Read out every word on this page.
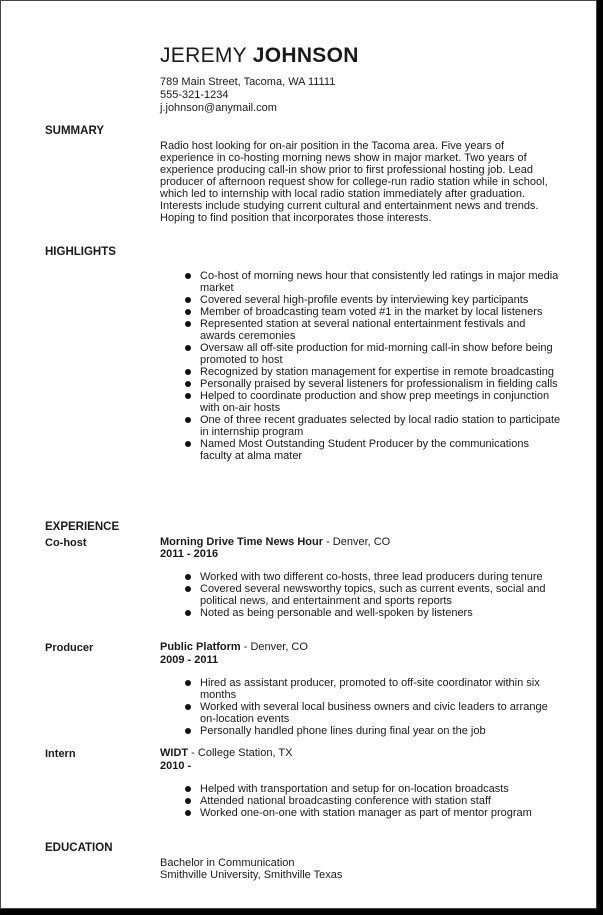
JEREMY JOHNSON
789 Main Street, Tacoma, WA 11111
555-321-1234
j.johnson@anymail.com
SUMMARY
Radio host looking for on-air position in the Tacoma area. Five years of experience in co-hosting morning news show in major market. Two years of experience producing call-in show prior to first professional hosting job. Lead producer of afternoon request show for college-run radio station while in school, which led to internship with local radio station immediately after graduation. Interests include studying current cultural and entertainment news and trends. Hoping to find position that incorporates those interests.
HIGHLIGHTS
Co-host of morning news hour that consistently led ratings in major media market
Covered several high-profile events by interviewing key participants
Member of broadcasting team voted #1 in the market by local listeners
Represented station at several national entertainment festivals and awards ceremonies
Oversaw all off-site production for mid-morning call-in show before being promoted to host
Recognized by station management for expertise in remote broadcasting
Personally praised by several listeners for professionalism in fielding calls
Helped to coordinate production and show prep meetings in conjunction with on-air hosts
One of three recent graduates selected by local radio station to participate in internship program
Named Most Outstanding Student Producer by the communications faculty at alma mater
EXPERIENCE
Co-host	Morning Drive Time News Hour - Denver, CO
2011 - 2016
Worked with two different co-hosts, three lead producers during tenure
Covered several newsworthy topics, such as current events, social and political news, and entertainment and sports reports
Noted as being personable and well-spoken by listeners
Producer	Public Platform - Denver, CO
2009 - 2011
Hired as assistant producer, promoted to off-site coordinator within six months
Worked with several local business owners and civic leaders to arrange on-location events
Personally handled phone lines during final year on the job
Intern	WIDT - College Station, TX
2010 -
Helped with transportation and setup for on-location broadcasts
Attended national broadcasting conference with station staff
Worked one-on-one with station manager as part of mentor program
EDUCATION
Bachelor in Communication
Smithville University, Smithville Texas
